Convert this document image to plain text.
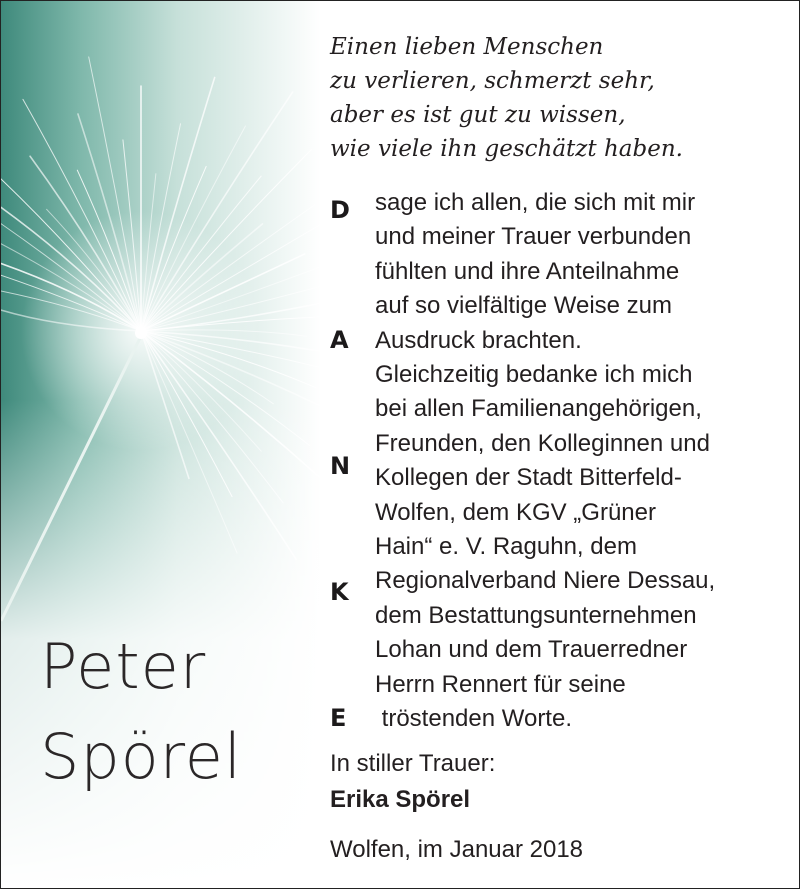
Peter
Spörel
Einen lieben Menschen
zu verlieren, schmerzt sehr,
aber es ist gut zu wissen,
wie viele ihn geschätzt haben.
D
A
N
K
E
sage ich allen, die sich mit mir
und meiner Trauer verbunden
fühlten und ihre Anteilnahme
auf so vielfältige Weise zum
Ausdruck brachten.
Gleichzeitig bedanke ich mich
bei allen Familienangehörigen,
Freunden, den Kolleginnen und
Kollegen der Stadt Bitterfeld-
Wolfen, dem KGV „Grüner
Hain“ e. V. Raguhn, dem
Regionalverband Niere Dessau,
dem Bestattungsunternehmen
Lohan und dem Trauerredner
Herrn Rennert für seine
tröstenden Worte.
In stiller Trauer:
Erika Spörel
Wolfen, im Januar 2018
